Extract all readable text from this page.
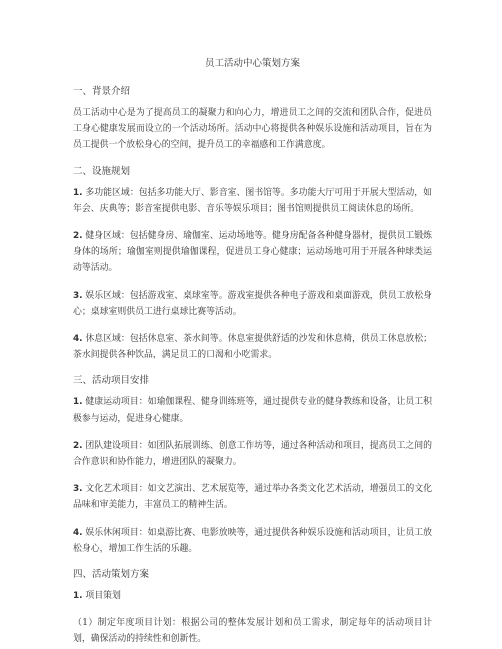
员工活动中心策划方案
一、背景介绍

员工活动中心是为了提高员工的凝聚力和向心力，增进员工之间的交流和团队合作，促进员工身心健康发展而设立的一个活动场所。活动中心将提供各种娱乐设施和活动项目，旨在为员工提供一个放松身心的空间，提升员工的幸福感和工作满意度。

二、设施规划

1. 多功能区域：包括多功能大厅、影音室、图书馆等。多功能大厅可用于开展大型活动，如年会、庆典等；影音室提供电影、音乐等娱乐项目；图书馆则提供员工阅读休息的场所。

2. 健身区域：包括健身房、瑜伽室、运动场地等。健身房配备各种健身器材，提供员工锻炼身体的场所；瑜伽室则提供瑜伽课程，促进员工身心健康；运动场地可用于开展各种球类运动等活动。

3. 娱乐区域：包括游戏室、桌球室等。游戏室提供各种电子游戏和桌面游戏，供员工放松身心；桌球室则供员工进行桌球比赛等活动。

4. 休息区域：包括休息室、茶水间等。休息室提供舒适的沙发和休息椅，供员工休息放松；茶水间提供各种饮品，满足员工的口渴和小吃需求。

三、活动项目安排

1. 健康运动项目：如瑜伽课程、健身训练班等，通过提供专业的健身教练和设备，让员工积极参与运动，促进身心健康。

2. 团队建设项目：如团队拓展训练、创意工作坊等，通过各种活动和项目，提高员工之间的合作意识和协作能力，增进团队的凝聚力。

3. 文化艺术项目：如文艺演出、艺术展览等，通过举办各类文化艺术活动，增强员工的文化品味和审美能力，丰富员工的精神生活。

4. 娱乐休闲项目：如桌游比赛、电影放映等，通过提供各种娱乐设施和活动项目，让员工放松身心，增加工作生活的乐趣。

四、活动策划方案

1. 项目策划

（1）制定年度项目计划：根据公司的整体发展计划和员工需求，制定每年的活动项目计划，确保活动的持续性和创新性。
